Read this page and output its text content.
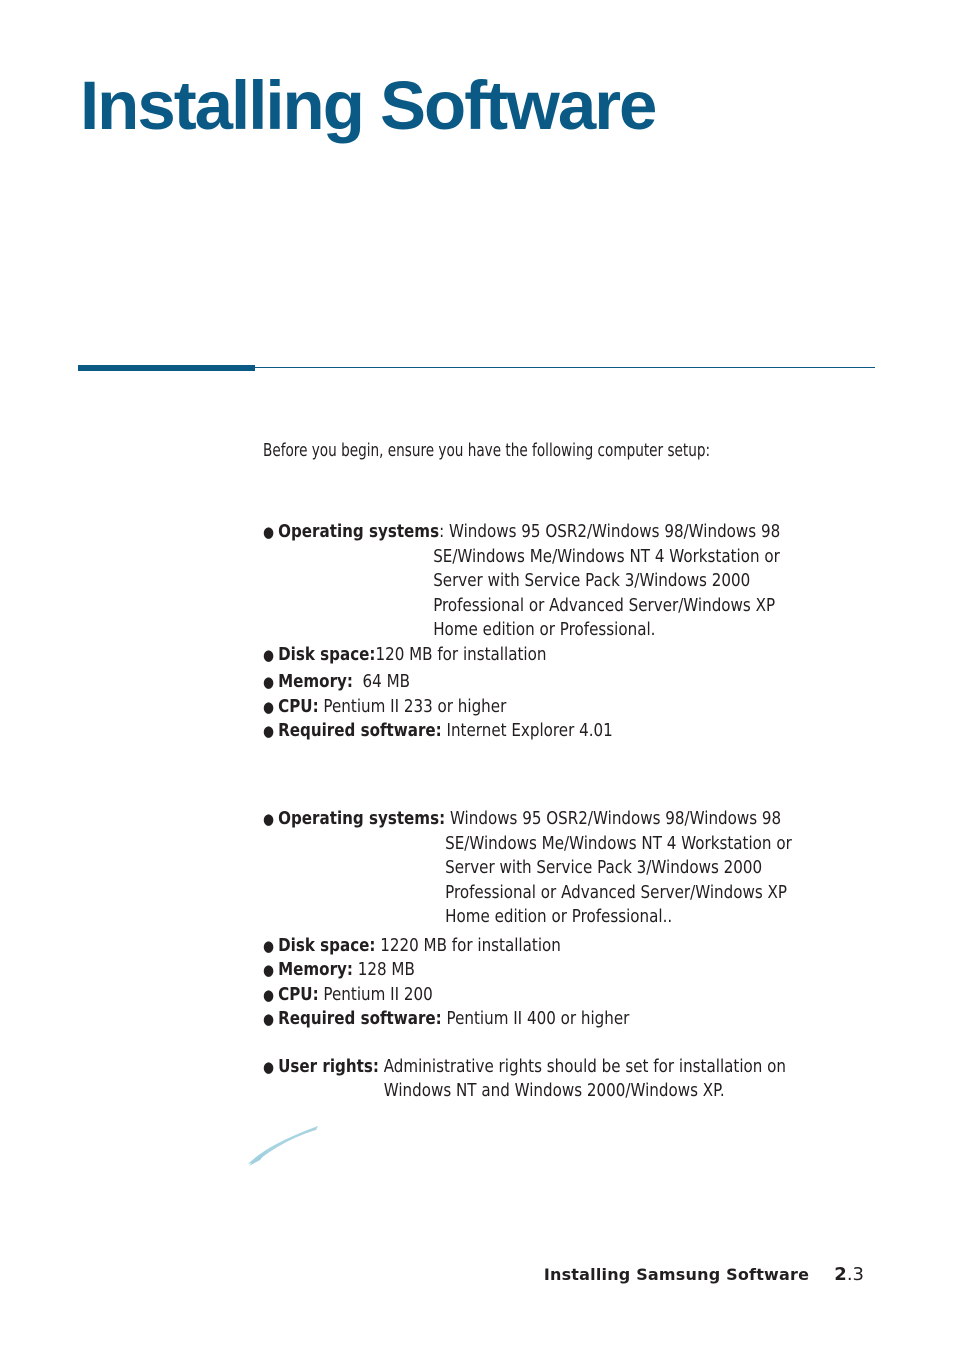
Installing Software
Before you begin, ensure you have the following computer setup:
● Operating systems : Windows 95 OSR2/Windows 98/Windows 98
SE/Windows Me/Windows NT 4 Workstation or
Server with Service Pack 3/Windows 2000
Professional or Advanced Server/Windows XP
Home edition or Professional.
● Disk space: 120 MB for installation
● Memory: 64 MB
● CPU: Pentium II 233 or higher
● Required software: Internet Explorer 4.01
● Operating systems: Windows 95 OSR2/Windows 98/Windows 98
SE/Windows Me/Windows NT 4 Workstation or
Server with Service Pack 3/Windows 2000
Professional or Advanced Server/Windows XP
Home edition or Professional..
● Disk space: 1220 MB for installation
● Memory: 128 MB
● CPU: Pentium II 200
● Required software: Pentium II 400 or higher
● User rights: Administrative rights should be set for installation on
Windows NT and Windows 2000/Windows XP.
Installing Samsung Software 2.3
